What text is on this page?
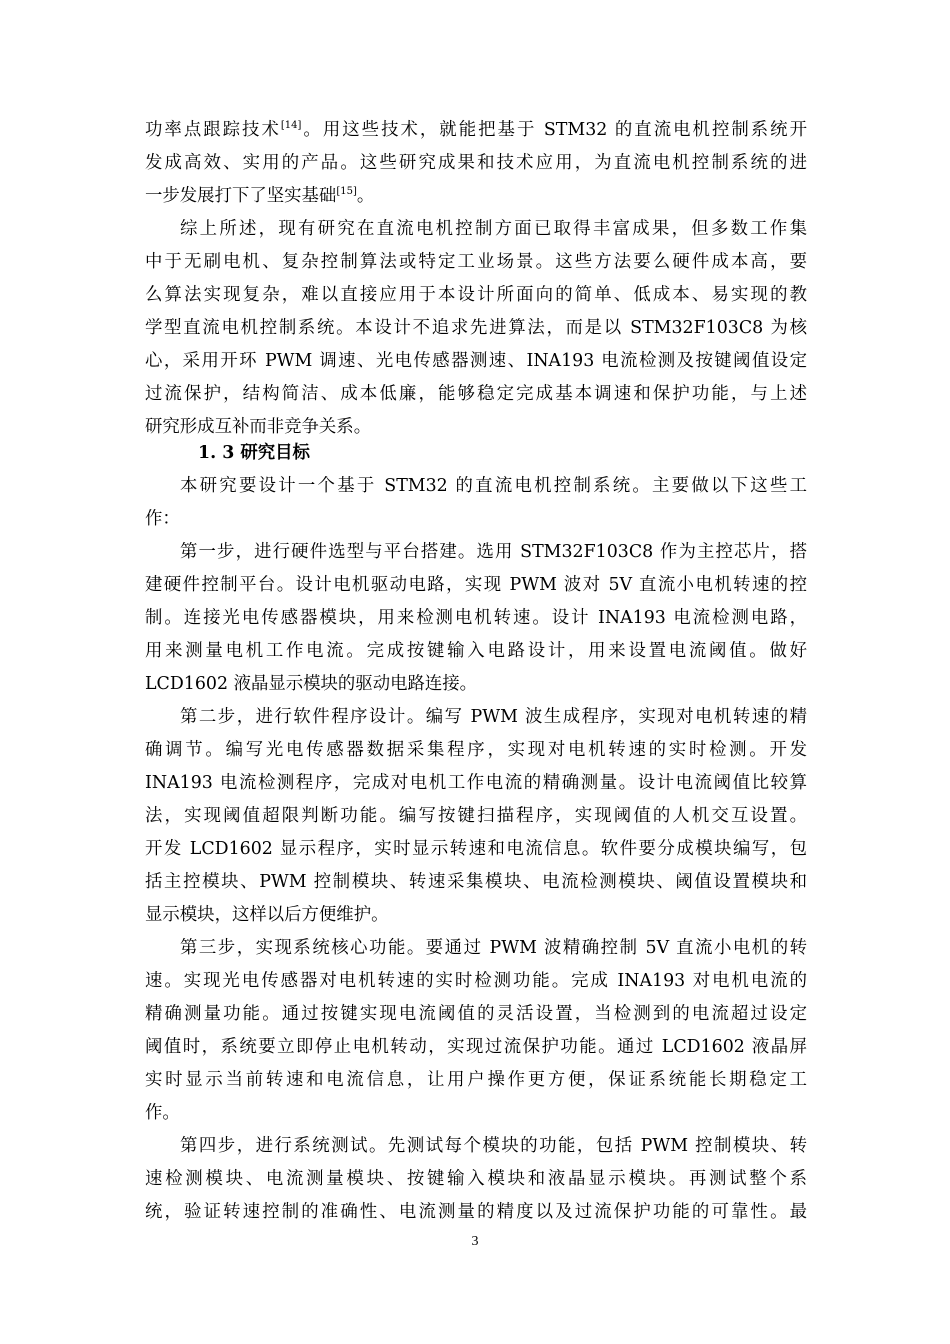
功率点跟踪技术[14]。用这些技术，就能把基于 STM32 的直流电机控制系统开
发成高效、实用的产品。这些研究成果和技术应用，为直流电机控制系统的进
一步发展打下了坚实基础[15]。
综上所述，现有研究在直流电机控制方面已取得丰富成果，但多数工作集
中于无刷电机、复杂控制算法或特定工业场景。这些方法要么硬件成本高，要
么算法实现复杂，难以直接应用于本设计所面向的简单、低成本、易实现的教
学型直流电机控制系统。本设计不追求先进算法，而是以 STM32F103C8 为核
心，采用开环 PWM 调速、光电传感器测速、INA193 电流检测及按键阈值设定
过流保护，结构简洁、成本低廉，能够稳定完成基本调速和保护功能，与上述
研究形成互补而非竞争关系。
1. 3 研究目标
本研究要设计一个基于 STM32 的直流电机控制系统。主要做以下这些工
作：
第一步，进行硬件选型与平台搭建。选用 STM32F103C8 作为主控芯片，搭
建硬件控制平台。设计电机驱动电路，实现 PWM 波对 5V 直流小电机转速的控
制。连接光电传感器模块，用来检测电机转速。设计 INA193 电流检测电路，
用来测量电机工作电流。完成按键输入电路设计，用来设置电流阈值。做好
LCD1602 液晶显示模块的驱动电路连接。
第二步，进行软件程序设计。编写 PWM 波生成程序，实现对电机转速的精
确调节。编写光电传感器数据采集程序，实现对电机转速的实时检测。开发
INA193 电流检测程序，完成对电机工作电流的精确测量。设计电流阈值比较算
法，实现阈值超限判断功能。编写按键扫描程序，实现阈值的人机交互设置。
开发 LCD1602 显示程序，实时显示转速和电流信息。软件要分成模块编写，包
括主控模块、PWM 控制模块、转速采集模块、电流检测模块、阈值设置模块和
显示模块，这样以后方便维护。
第三步，实现系统核心功能。要通过 PWM 波精确控制 5V 直流小电机的转
速。实现光电传感器对电机转速的实时检测功能。完成 INA193 对电机电流的
精确测量功能。通过按键实现电流阈值的灵活设置，当检测到的电流超过设定
阈值时，系统要立即停止电机转动，实现过流保护功能。通过 LCD1602 液晶屏
实时显示当前转速和电流信息，让用户操作更方便，保证系统能长期稳定工
作。
第四步，进行系统测试。先测试每个模块的功能，包括 PWM 控制模块、转
速检测模块、电流测量模块、按键输入模块和液晶显示模块。再测试整个系
统，验证转速控制的准确性、电流测量的精度以及过流保护功能的可靠性。最
3
